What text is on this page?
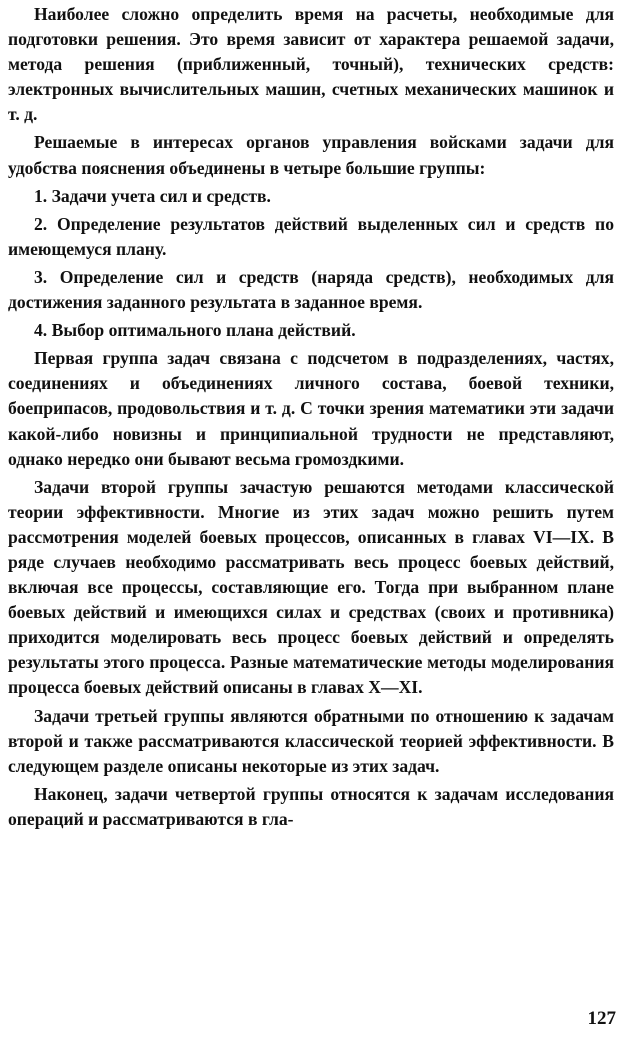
Наиболее сложно определить время на расчеты, необходимые для подготовки решения. Это время зависит от характера решаемой задачи, метода решения (приближенный, точный), технических средств: электронных вычислительных машин, счетных механических машинок и т. д.

Решаемые в интересах органов управления войсками задачи для удобства пояснения объединены в четыре большие группы:

1. Задачи учета сил и средств.

2. Определение результатов действий выделенных сил и средств по имеющемуся плану.

3. Определение сил и средств (наряда средств), необходимых для достижения заданного результата в заданное время.

4. Выбор оптимального плана действий.

Первая группа задач связана с подсчетом в подразделениях, частях, соединениях и объединениях личного состава, боевой техники, боеприпасов, продовольствия и т. д. С точки зрения математики эти задачи какой-либо новизны и принципиальной трудности не представляют, однако нередко они бывают весьма громоздкими.

Задачи второй группы зачастую решаются методами классической теории эффективности. Многие из этих задач можно решить путем рассмотрения моделей боевых процессов, описанных в главах VI—IX. В ряде случаев необходимо рассматривать весь процесс боевых действий, включая все процессы, составляющие его. Тогда при выбранном плане боевых действий и имеющихся силах и средствах (своих и противника) приходится моделировать весь процесс боевых действий и определять результаты этого процесса. Разные математические методы моделирования процесса боевых действий описаны в главах X—XI.

Задачи третьей группы являются обратными по отношению к задачам второй и также рассматриваются классической теорией эффективности. В следующем разделе описаны некоторые из этих задач.

Наконец, задачи четвертой группы относятся к задачам исследования операций и рассматриваются в гла-

127
